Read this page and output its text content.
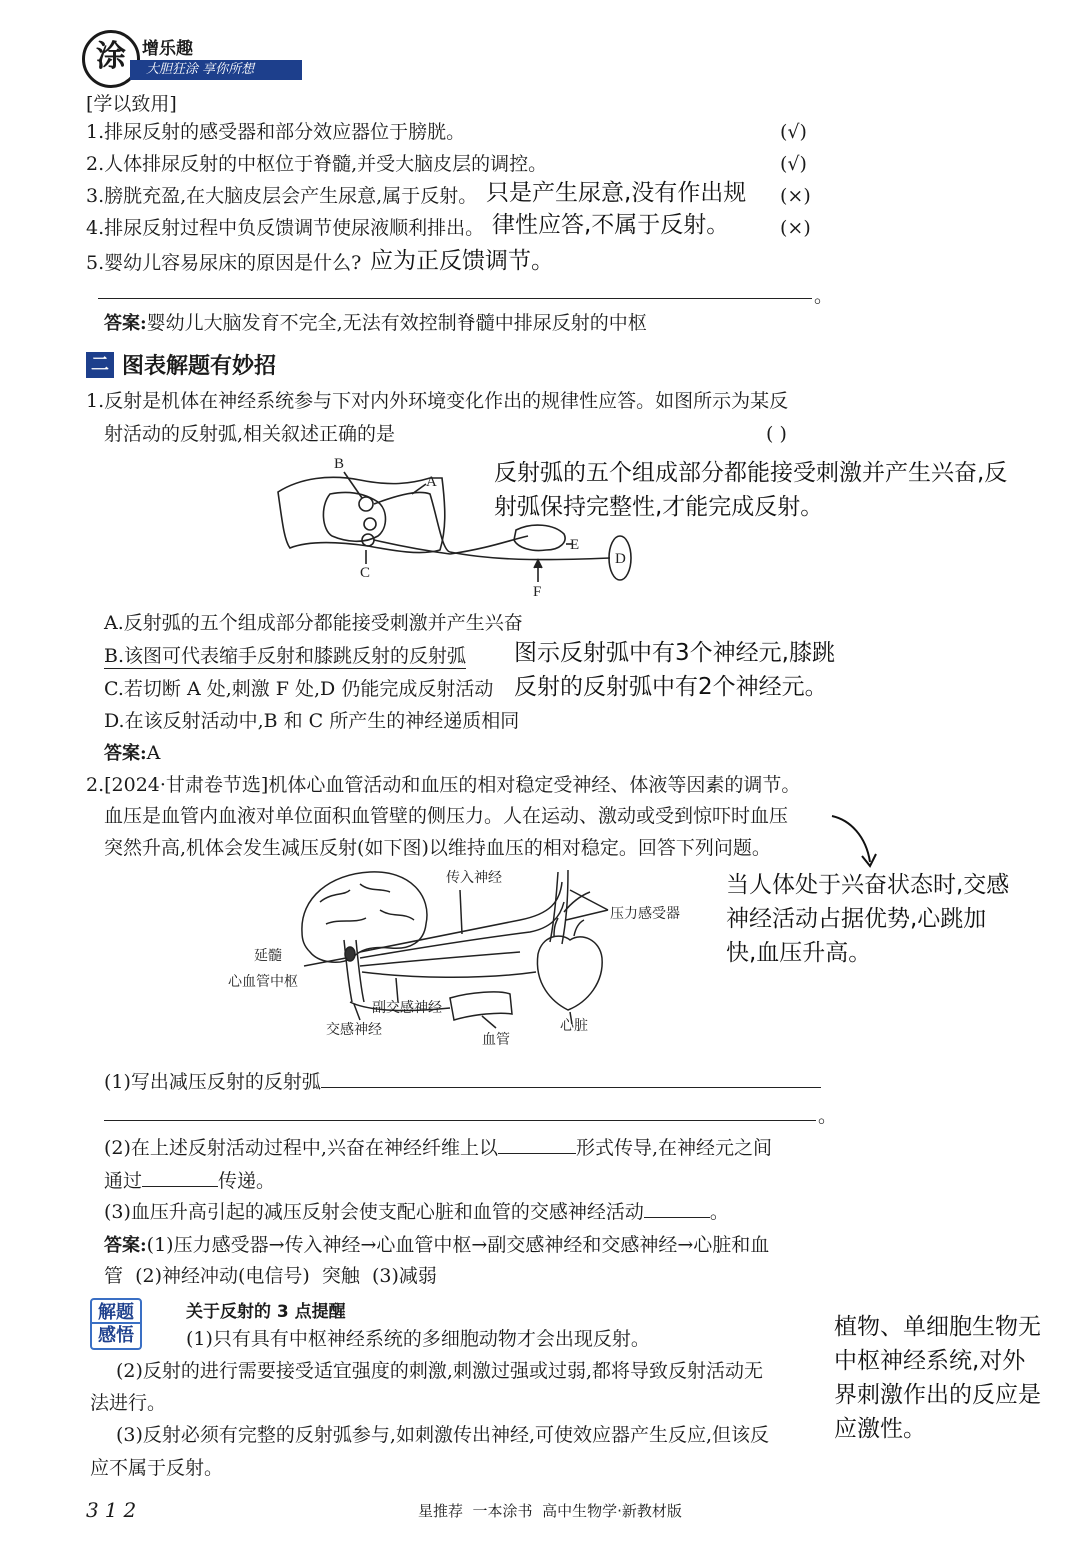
涂 增乐趣
大胆狂涂 享你所想
[学以致用]
1.排尿反射的感受器和部分效应器位于膀胱。	(√)
2.人体排尿反射的中枢位于脊髓,并受大脑皮层的调控。	(√)
3.膀胱充盈,在大脑皮层会产生尿意,属于反射。 只是产生尿意,没有作出规 (×)
4.排尿反射过程中负反馈调节使尿液顺利排出。 律性应答,不属于反射。	(×)
5.婴幼儿容易尿床的原因是什么? 应为正反馈调节。
。
答案:婴幼儿大脑发育不完全,无法有效控制脊髓中排尿反射的中枢
二 图表解题有妙招
1.反射是机体在神经系统参与下对内外环境变化作出的规律性应答。如图所示为某反
射活动的反射弧,相关叙述正确的是	( )
B
A
C
E
D
F
反射弧的五个组成部分都能接受刺激并产生兴奋,反
射弧保持完整性,才能完成反射。
A.反射弧的五个组成部分都能接受刺激并产生兴奋
B.该图可代表缩手反射和膝跳反射的反射弧
C.若切断 A 处,刺激 F 处,D 仍能完成反射活动
D.在该反射活动中,B 和 C 所产生的神经递质相同
图示反射弧中有3个神经元,膝跳
反射的反射弧中有2个神经元。
答案:A
2.[2024·甘肃卷节选]机体心血管活动和血压的相对稳定受神经、体液等因素的调节。
血压是血管内血液对单位面积血管壁的侧压力。人在运动、激动或受到惊吓时血压
突然升高,机体会发生减压反射(如下图)以维持血压的相对稳定。回答下列问题。
传入神经
压力感受器
延髓
心血管中枢
副交感神经
交感神经
血管
心脏
当人体处于兴奋状态时,交感
神经活动占据优势,心跳加
快,血压升高。
(1)写出减压反射的反射弧
。
(2)在上述反射活动过程中,兴奋在神经纤维上以	形式传导,在神经元之间
通过	传递。
(3)血压升高引起的减压反射会使支配心脏和血管的交感神经活动	。
答案:(1)压力感受器→传入神经→心血管中枢→副交感神经和交感神经→心脏和血
管  (2)神经冲动(电信号)  突触  (3)减弱
解题
感悟
关于反射的 3 点提醒
(1)只有具有中枢神经系统的多细胞动物才会出现反射。
(2)反射的进行需要接受适宜强度的刺激,刺激过强或过弱,都将导致反射活动无
法进行。
(3)反射必须有完整的反射弧参与,如刺激传出神经,可使效应器产生反应,但该反
应不属于反射。
植物、单细胞生物无
中枢神经系统,对外
界刺激作出的反应是
应激性。
312	星推荐  一本涂书  高中生物学·新教材版
